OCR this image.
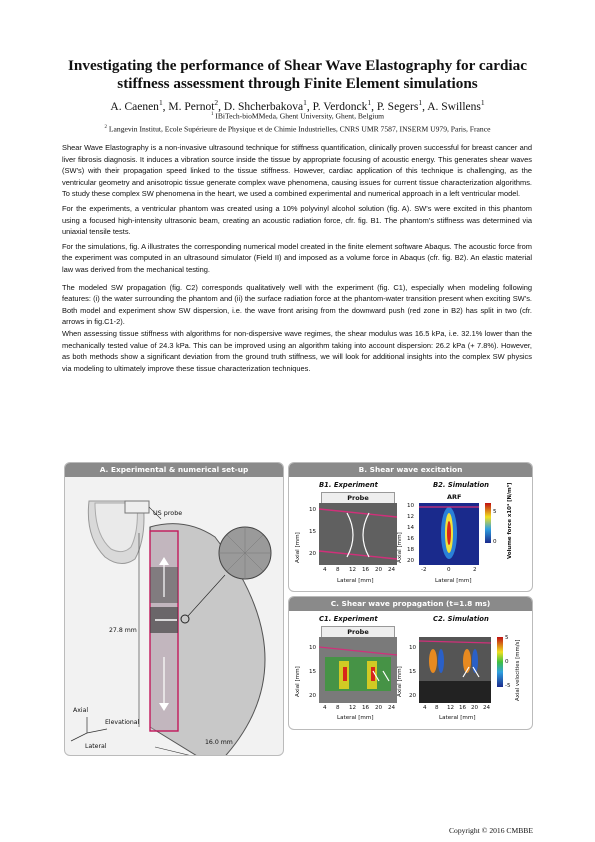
Investigating the performance of Shear Wave Elastography for cardiac
stiffness assessment through Finite Element simulations
A. Caenen$^1$, M. Pernot$^2$, D. Shcherbakova$^1$, P. Verdonck$^1$, P. Segers$^1$, A. Swillens$^1$
$^1$ IBiTech-bioMMeda, Ghent University, Ghent, Belgium
$^2$ Langevin Institut, Ecole Supérieure de Physique et de Chimie Industrielles, CNRS UMR 7587, INSERM U979, Paris, France

Shear Wave Elastography is a non-invasive ultrasound technique for stiffness quantification, clinically proven successful for breast cancer and liver fibrosis diagnosis. It induces a vibration source inside the tissue by appropriate focusing of acoustic energy. This generates shear waves (SW’s) with their propagation speed linked to the tissue stiffness. However, cardiac application of this technique is challenging, as the ventricular geometry and anisotropic tissue generate complex wave phenomena, causing issues for current tissue characterization algorithms. To study these complex SW phenomena in the heart, we used a combined experimental and numerical approach in a left ventricular model.

For the experiments, a ventricular phantom was created using a 10% polyvinyl alcohol solution (fig. A). SW’s were excited in this phantom using a focused high-intensity ultrasonic beam, creating an acoustic radiation force, cfr. fig. B1. The phantom’s stiffness was determined via uniaxial tensile tests.

For the simulations, fig. A illustrates the corresponding numerical model created in the finite element software Abaqus. The acoustic force from the experiment was computed in an ultrasound simulator (Field II) and imposed as a volume force in Abaqus (cfr. fig. B2). An elastic material law was derived from the mechanical testing.

The modeled SW propagation (fig. C2) corresponds qualitatively well with the experiment (fig. C1), especially when modeling following features: (i) the water surrounding the phantom and (ii) the surface radiation force at the phantom-water transition present when exciting SW’s. Both model and experiment show SW dispersion, i.e. the wave front arising from the downward push (red zone in B2) has split in two (cfr. arrows in fig.C1-2).

When assessing tissue stiffness with algorithms for non-dispersive wave regimes, the shear modulus was 16.5 kPa, i.e. 32.1% lower than the mechanically tested value of 24.3 kPa. This can be improved using an algorithm taking into account dispersion: 26.2 kPa (+ 7.8%). However, as both methods show a significant deviation from the ground truth stiffness, we will look for additional insights into the complex SW physics via modeling to ultimately improve these tissue characterization techniques.

A. Experimental & numerical set-up
US probe
27.8 mm
16.0 mm
Axial
Elevational
Lateral
B. Shear wave excitation
B1. Experiment	B2. Simulation
Probe	ARF
10
15
20
4 8 12 16 20 24
10
12
14
16
18
20
-2	0	2
5
0
Axial [mm]	Axial [mm]
Lateral [mm]	Lateral [mm]
Volume force x10⁴ [N/m³]
C. Shear wave propagation (t=1.8 ms)
C1. Experiment	C2. Simulation
Probe
10
15
20
4 8 12 16 20 24
10
15
20
4 8 12 16 20 24
5
0
-5
Axial [mm]	Axial [mm]
Lateral [mm]	Lateral [mm]
Axial velocities [mm/s]
Copyright © 2016 CMBBE
